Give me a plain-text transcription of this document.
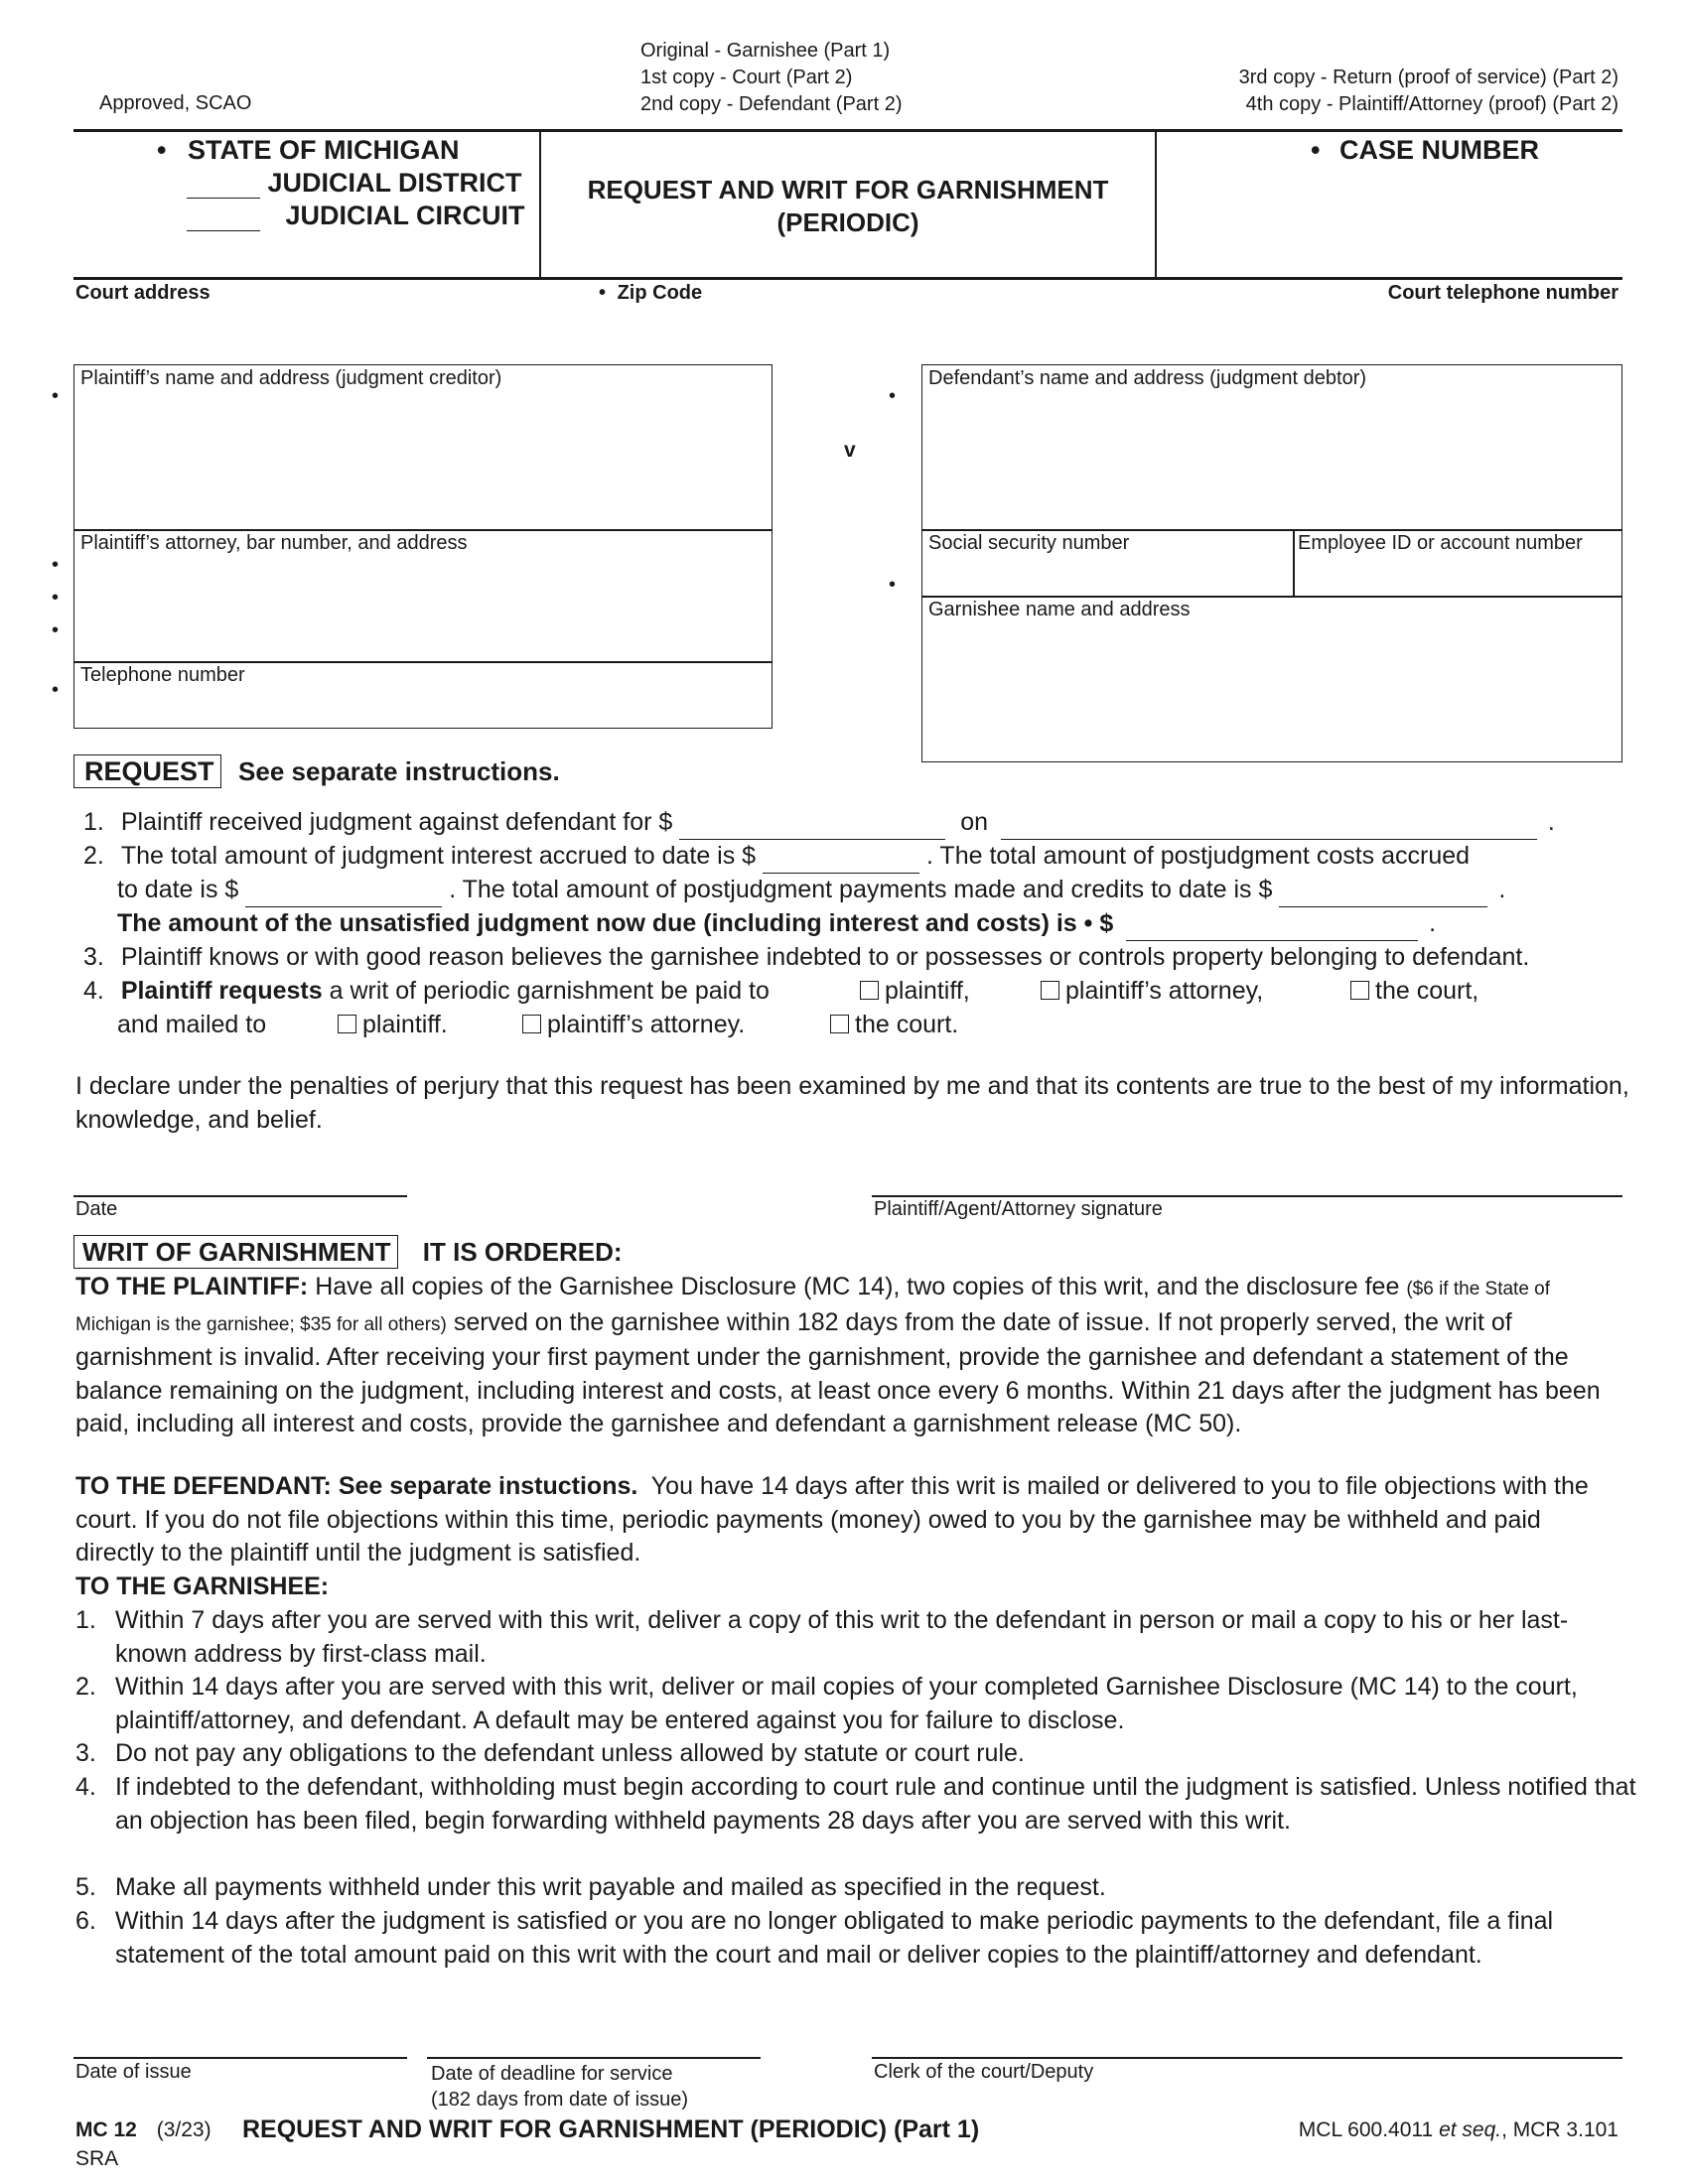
Approved, SCAO
Original - Garnishee (Part 1)
1st copy - Court (Part 2)
2nd copy - Defendant (Part 2)
3rd copy - Return (proof of service) (Part 2)
4th copy - Plaintiff/Attorney (proof) (Part 2)
• STATE OF MICHIGAN
JUDICIAL DISTRICT
JUDICIAL CIRCUIT
REQUEST AND WRIT FOR GARNISHMENT
(PERIODIC)
• CASE NUMBER
Court address	• Zip Code	Court telephone number
Plaintiff’s name and address (judgment creditor)
Plaintiff’s attorney, bar number, and address
Telephone number
•
•
•
•
•
v
Defendant’s name and address (judgment debtor)
Social security number	Employee ID or account number
Garnishee name and address
•
•
REQUEST See separate instructions.
1. Plaintiff received judgment against defendant for $	on	.
2. The total amount of judgment interest accrued to date is $	. The total amount of postjudgment costs accrued
to date is $	. The total amount of postjudgment payments made and credits to date is $	.
The amount of the unsatisfied judgment now due (including interest and costs) is • $	.
3. Plaintiff knows or with good reason believes the garnishee indebted to or possesses or controls property belonging to defendant.
4. Plaintiff requests a writ of periodic garnishment be paid to	plaintiff,	plaintiff’s attorney,	the court,
and mailed to	plaintiff.	plaintiff’s attorney.	the court.
I declare under the penalties of perjury that this request has been examined by me and that its contents are true to the best of my information, knowledge, and belief.
Date	Plaintiff/Agent/Attorney signature
WRIT OF GARNISHMENT IT IS ORDERED:
TO THE PLAINTIFF: Have all copies of the Garnishee Disclosure (MC 14), two copies of this writ, and the disclosure fee ($6 if the State of Michigan is the garnishee; $35 for all others) served on the garnishee within 182 days from the date of issue. If not properly served, the writ of garnishment is invalid. After receiving your first payment under the garnishment, provide the garnishee and defendant a statement of the balance remaining on the judgment, including interest and costs, at least once every 6 months. Within 21 days after the judgment has been paid, including all interest and costs, provide the garnishee and defendant a garnishment release (MC 50).
TO THE DEFENDANT: See separate instuctions. You have 14 days after this writ is mailed or delivered to you to file objections with the court. If you do not file objections within this time, periodic payments (money) owed to you by the garnishee may be withheld and paid directly to the plaintiff until the judgment is satisfied.
TO THE GARNISHEE:
1. Within 7 days after you are served with this writ, deliver a copy of this writ to the defendant in person or mail a copy to his or her last-known address by first-class mail.
2. Within 14 days after you are served with this writ, deliver or mail copies of your completed Garnishee Disclosure (MC 14) to the court, plaintiff/attorney, and defendant. A default may be entered against you for failure to disclose.
3. Do not pay any obligations to the defendant unless allowed by statute or court rule.
4. If indebted to the defendant, withholding must begin according to court rule and continue until the judgment is satisfied. Unless notified that an objection has been filed, begin forwarding withheld payments 28 days after you are served with this writ.
5. Make all payments withheld under this writ payable and mailed as specified in the request.
6. Within 14 days after the judgment is satisfied or you are no longer obligated to make periodic payments to the defendant, file a final statement of the total amount paid on this writ with the court and mail or deliver copies to the plaintiff/attorney and defendant.
Date of issue	Date of deadline for service
(182 days from date of issue)
Clerk of the court/Deputy
MC 12 (3/23) REQUEST AND WRIT FOR GARNISHMENT (PERIODIC) (Part 1)
SRA
MCL 600.4011 et seq., MCR 3.101
